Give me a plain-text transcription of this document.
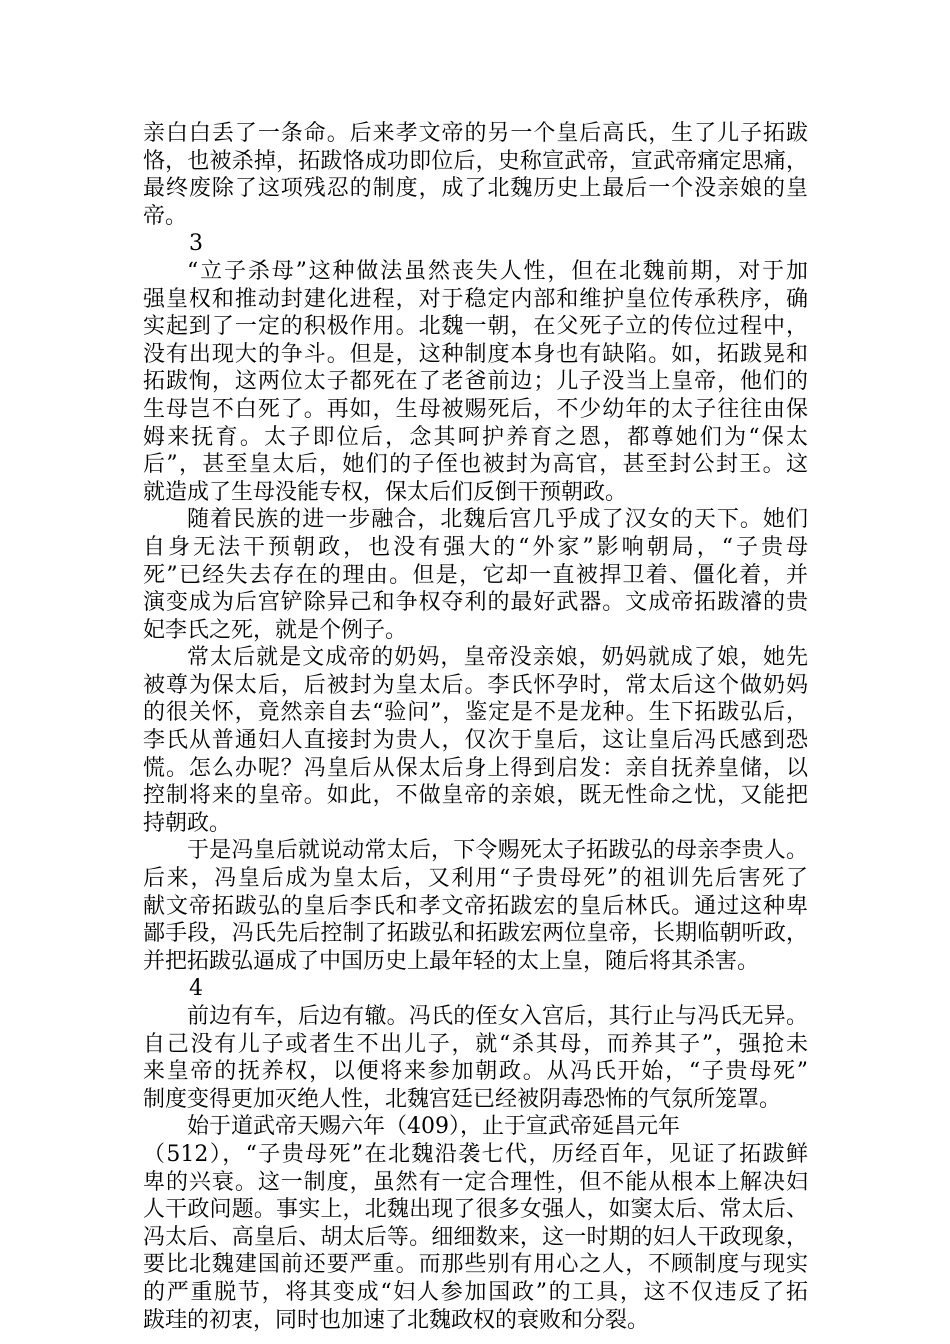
亲白白丢了一条命。后来孝文帝的另一个皇后高氏，生了儿子拓跋
恪，也被杀掉，拓跋恪成功即位后，史称宣武帝，宣武帝痛定思痛，
最终废除了这项残忍的制度，成了北魏历史上最后一个没亲娘的皇
帝。
3
“立子杀母”这种做法虽然丧失人性，但在北魏前期，对于加
强皇权和推动封建化进程，对于稳定内部和维护皇位传承秩序，确
实起到了一定的积极作用。北魏一朝，在父死子立的传位过程中，
没有出现大的争斗。但是，这种制度本身也有缺陷。如，拓跋晃和
拓跋恂，这两位太子都死在了老爸前边；儿子没当上皇帝，他们的
生母岂不白死了。再如，生母被赐死后，不少幼年的太子往往由保
姆来抚育。太子即位后，念其呵护养育之恩，都尊她们为“保太
后”，甚至皇太后，她们的子侄也被封为高官，甚至封公封王。这
就造成了生母没能专权，保太后们反倒干预朝政。
随着民族的进一步融合，北魏后宫几乎成了汉女的天下。她们
自身无法干预朝政，也没有强大的“外家”影响朝局，“子贵母
死”已经失去存在的理由。但是，它却一直被捍卫着、僵化着，并
演变成为后宫铲除异己和争权夺利的最好武器。文成帝拓跋濬的贵
妃李氏之死，就是个例子。
常太后就是文成帝的奶妈，皇帝没亲娘，奶妈就成了娘，她先
被尊为保太后，后被封为皇太后。李氏怀孕时，常太后这个做奶妈
的很关怀，竟然亲自去“验问”，鉴定是不是龙种。生下拓跋弘后，
李氏从普通妇人直接封为贵人，仅次于皇后，这让皇后冯氏感到恐
慌。怎么办呢？冯皇后从保太后身上得到启发：亲自抚养皇储，以
控制将来的皇帝。如此，不做皇帝的亲娘，既无性命之忧，又能把
持朝政。
于是冯皇后就说动常太后，下令赐死太子拓跋弘的母亲李贵人。
后来，冯皇后成为皇太后，又利用“子贵母死”的祖训先后害死了
献文帝拓跋弘的皇后李氏和孝文帝拓跋宏的皇后林氏。通过这种卑
鄙手段，冯氏先后控制了拓跋弘和拓跋宏两位皇帝，长期临朝听政，
并把拓跋弘逼成了中国历史上最年轻的太上皇，随后将其杀害。
4
前边有车，后边有辙。冯氏的侄女入宫后，其行止与冯氏无异。
自己没有儿子或者生不出儿子，就“杀其母，而养其子”，强抢未
来皇帝的抚养权，以便将来参加朝政。从冯氏开始，“子贵母死”
制度变得更加灭绝人性，北魏宫廷已经被阴毒恐怖的气氛所笼罩。
始于道武帝天赐六年（409），止于宣武帝延昌元年
（512），“子贵母死”在北魏沿袭七代，历经百年，见证了拓跋鲜
卑的兴衰。这一制度，虽然有一定合理性，但不能从根本上解决妇
人干政问题。事实上，北魏出现了很多女强人，如窦太后、常太后、
冯太后、高皇后、胡太后等。细细数来，这一时期的妇人干政现象，
要比北魏建国前还要严重。而那些别有用心之人，不顾制度与现实
的严重脱节，将其变成“妇人参加国政”的工具，这不仅违反了拓
跋珪的初衷，同时也加速了北魏政权的衰败和分裂。
